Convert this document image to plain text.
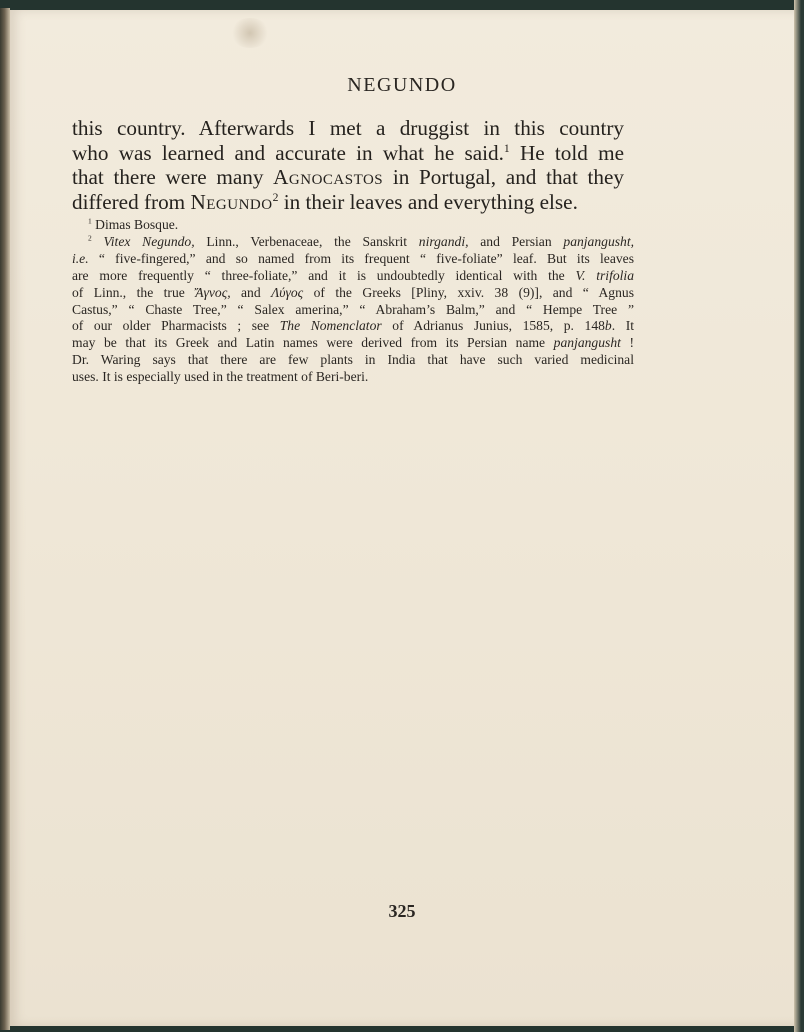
NEGUNDO
this country. Afterwards I met a druggist in this country
who was learned and accurate in what he said.$^1$ He told me
that there were many Agnocastos in Portugal, and that they
differed from Negundo$^2$ in their leaves and everything else.
$^1$ Dimas Bosque.
$^2$ Vitex Negundo, Linn., Verbenaceae, the Sanskrit nirgandi, and Persian panjangusht,
i.e. “ five-fingered,” and so named from its frequent “ five-foliate” leaf. But its leaves
are more frequently “ three-foliate,” and it is undoubtedly identical with the V. trifolia
of Linn., the true Ἄγνος, and Λύγος of the Greeks [Pliny, xxiv. 38 (9)], and “ Agnus
Castus,” “ Chaste Tree,” “ Salex amerina,” “ Abraham’s Balm,” and “ Hempe Tree ”
of our older Pharmacists ; see The Nomenclator of Adrianus Junius, 1585, p. 148b. It
may be that its Greek and Latin names were derived from its Persian name panjangusht !
Dr. Waring says that there are few plants in India that have such varied medicinal
uses. It is especially used in the treatment of Beri-beri.
325
